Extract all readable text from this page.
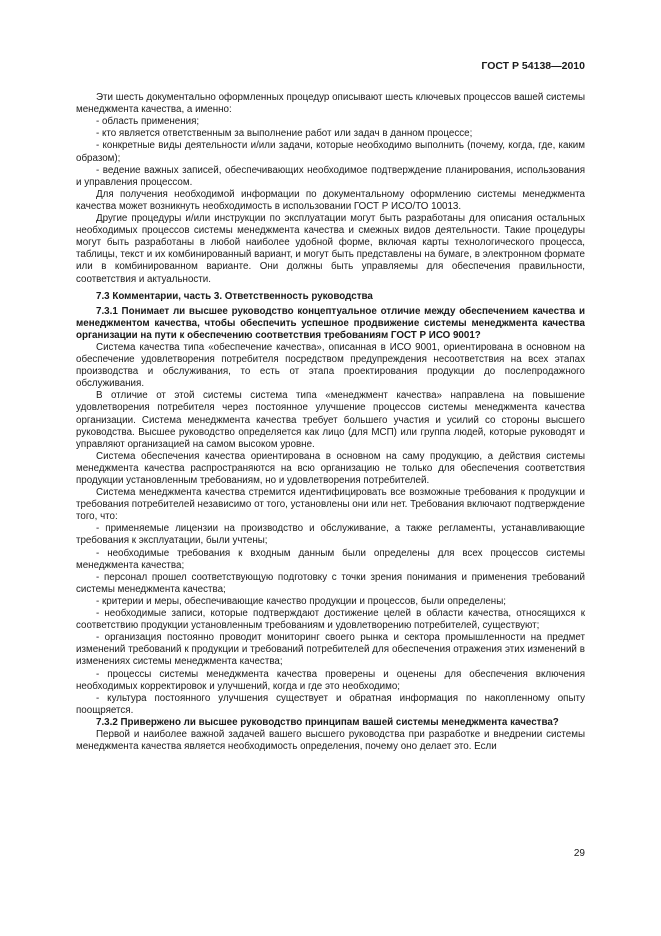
ГОСТ Р 54138—2010

Эти шесть документально оформленных процедур описывают шесть ключевых процессов вашей системы менеджмента качества, а именно:

- область применения;

- кто является ответственным за выполнение работ или задач в данном процессе;

- конкретные виды деятельности и/или задачи, которые необходимо выполнить (почему, когда, где, каким образом);

- ведение важных записей, обеспечивающих необходимое подтверждение планирования, использования и управления процессом.

Для получения необходимой информации по документальному оформлению системы менеджмента качества может возникнуть необходимость в использовании ГОСТ Р ИСО/ТО 10013.

Другие процедуры и/или инструкции по эксплуатации могут быть разработаны для описания остальных необходимых процессов системы менеджмента качества и смежных видов деятельности. Такие процедуры могут быть разработаны в любой наиболее удобной форме, включая карты технологического процесса, таблицы, текст и их комбинированный вариант, и могут быть представлены на бумаге, в электронном формате или в комбинированном варианте. Они должны быть управляемы для обеспечения правильности, соответствия и актуальности.

7.3 Комментарии, часть 3. Ответственность руководства

7.3.1 Понимает ли высшее руководство концептуальное отличие между обеспечением качества и менеджментом качества, чтобы обеспечить успешное продвижение системы менеджмента качества организации на пути к обеспечению соответствия требованиям ГОСТ Р ИСО 9001?

Система качества типа «обеспечение качества», описанная в ИСО 9001, ориентирована в основном на обеспечение удовлетворения потребителя посредством предупреждения несоответствия на всех этапах производства и обслуживания, то есть от этапа проектирования продукции до послепродажного обслуживания.

В отличие от этой системы система типа «менеджмент качества» направлена на повышение удовлетворения потребителя через постоянное улучшение процессов системы менеджмента качества организации. Система менеджмента качества требует большего участия и усилий со стороны высшего руководства. Высшее руководство определяется как лицо (для МСП) или группа людей, которые руководят и управляют организацией на самом высоком уровне.

Система обеспечения качества ориентирована в основном на саму продукцию, а действия системы менеджмента качества распространяются на всю организацию не только для обеспечения соответствия продукции установленным требованиям, но и удовлетворения потребителей.

Система менеджмента качества стремится идентифицировать все возможные требования к продукции и требования потребителей независимо от того, установлены они или нет. Требования включают подтверждение того, что:

- применяемые лицензии на производство и обслуживание, а также регламенты, устанавливающие требования к эксплуатации, были учтены;

- необходимые требования к входным данным были определены для всех процессов системы менеджмента качества;

- персонал прошел соответствующую подготовку с точки зрения понимания и применения требований системы менеджмента качества;

- критерии и меры, обеспечивающие качество продукции и процессов, были определены;

- необходимые записи, которые подтверждают достижение целей в области качества, относящихся к соответствию продукции установленным требованиям и удовлетворению потребителей, существуют;

- организация постоянно проводит мониторинг своего рынка и сектора промышленности на предмет изменений требований к продукции и требований потребителей для обеспечения отражения этих изменений в изменениях системы менеджмента качества;

- процессы системы менеджмента качества проверены и оценены для обеспечения включения необходимых корректировок и улучшений, когда и где это необходимо;

- культура постоянного улучшения существует и обратная информация по накопленному опыту поощряется.

7.3.2 Привержено ли высшее руководство принципам вашей системы менеджмента качества?

Первой и наиболее важной задачей вашего высшего руководства при разработке и внедрении системы менеджмента качества является необходимость определения, почему оно делает это. Если

29
